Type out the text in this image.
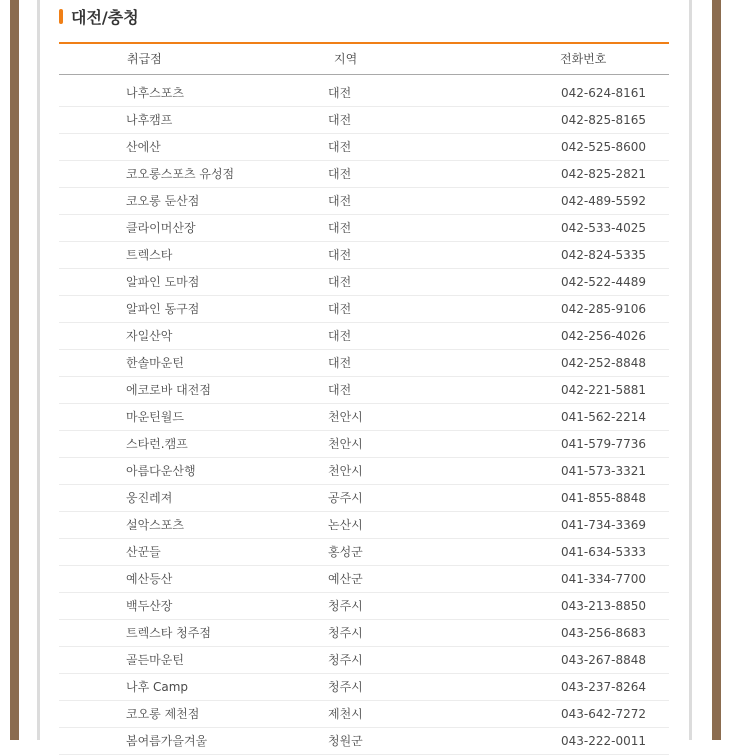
대전/충청
취급점	지역	전화번호
나후스포츠	대전	042-624-8161
나후캠프	대전	042-825-8165
산에산	대전	042-525-8600
코오롱스포츠 유성점	대전	042-825-2821
코오롱 둔산점	대전	042-489-5592
클라이머산장	대전	042-533-4025
트렉스타	대전	042-824-5335
알파인 도마점	대전	042-522-4489
알파인 동구점	대전	042-285-9106
자일산악	대전	042-256-4026
한솔마운틴	대전	042-252-8848
에코로바 대전점	대전	042-221-5881
마운틴월드	천안시	041-562-2214
스타런.캠프	천안시	041-579-7736
아름다운산행	천안시	041-573-3321
웅진레져	공주시	041-855-8848
설악스포츠	논산시	041-734-3369
산꾼들	홍성군	041-634-5333
예산등산	예산군	041-334-7700
백두산장	청주시	043-213-8850
트렉스타 청주점	청주시	043-256-8683
골든마운틴	청주시	043-267-8848
나후 Camp	청주시	043-237-8264
코오롱 제천점	제천시	043-642-7272
봄여름가을겨울	청원군	043-222-0011
